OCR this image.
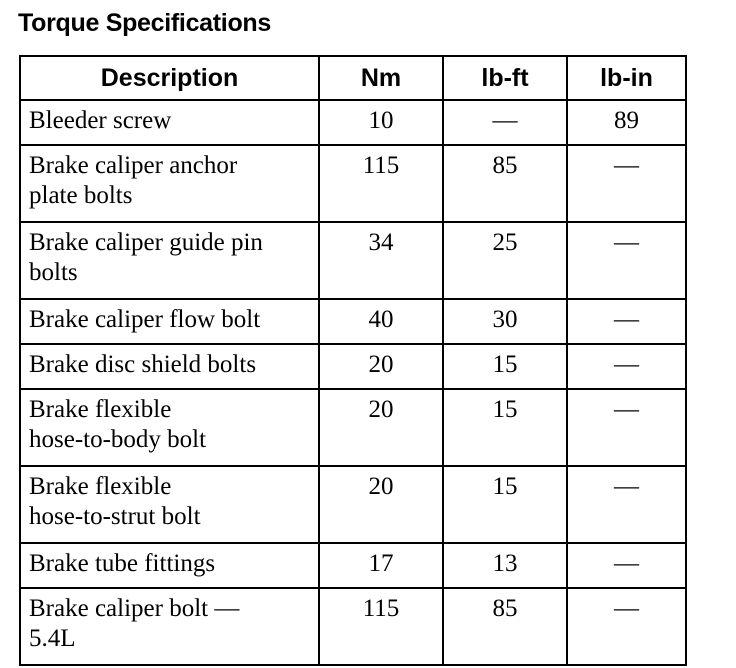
Torque Specifications
Description	Nm	lb-ft	lb-in

Bleeder screw	10	—	89

Brake caliper anchor
plate bolts	115	85	—

Brake caliper guide pin
bolts	34	25	—

Brake caliper flow bolt	40	30	—

Brake disc shield bolts	20	15	—

Brake flexible
hose-to-body bolt	20	15	—

Brake flexible
hose-to-strut bolt	20	15	—

Brake tube fittings	17	13	—

Brake caliper bolt —
5.4L	115	85	—
